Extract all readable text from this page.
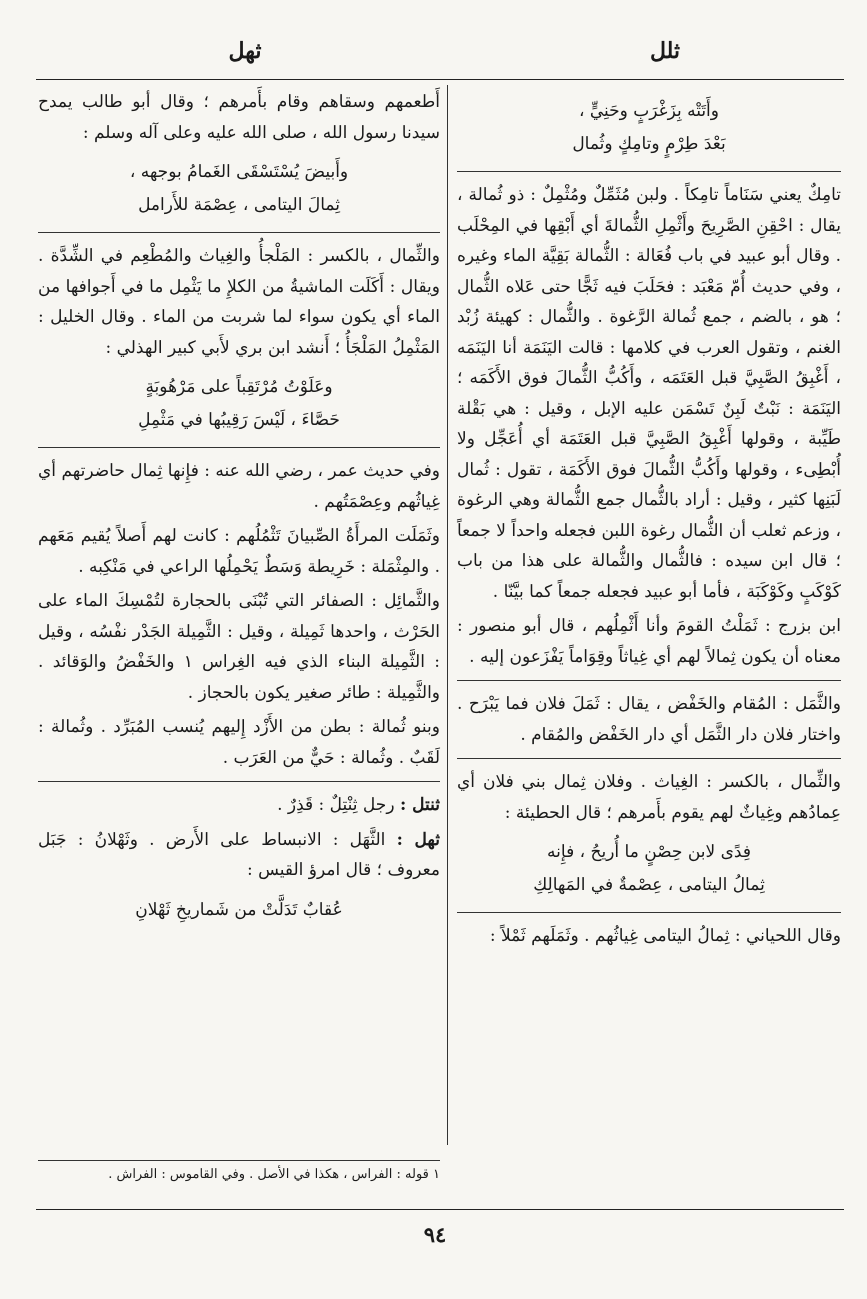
ثلل
ثهل
وأَتَتْه بِزَغْرَبٍ وحَنِيٍّ ،
بَعْدَ طِرْمٍ وتامِكٍ وثُمال

تامِكٌ يعني سَنَاماً تامِكاً . ولبن مُثَمِّلٌ ومُثْمِلٌ : ذو ثُمالة ، يقال : احْقِنِ الصَّرِيحَ وأَثْمِلِ الثُّمالةَ أي أَبْقِها في المِحْلَب . وقال أبو عبيد في باب فُعَالة : الثُّمالة بَقِيَّة الماء وغيره ، وفي حديث أُمّ مَعْبَد : فحَلَبَ فيه ثَجًّا حتى عَلاه الثُّمال ؛ هو ، بالضم ، جمع ثُمالة الرَّغوة . والثُّمال : كهيئة زُبْد الغنم ، وتقول العرب في كلامها : قالت اليَنَمَة أنا اليَنَمَه ، أَغْبِقُ الصَّبِيَّ قبل العَتَمَه ، وأَكُبُّ الثُّمالَ فوق الأَكَمَه ؛ اليَنَمَة : نَبْتٌ لَبِنٌ تَسْمَن عليه الإبل ، وقيل : هي بَقْلة طَيِّبة ، وقولها أَغْبِقُ الصَّبِيَّ قبل العَتَمَة أي أُعَجِّل ولا أُبْطِىء ، وقولها وأَكُبُّ الثُّمالَ فوق الأَكَمَة ، تقول : ثُمال لَبَنِها كثير ، وقيل : أراد بالثُّمال جمع الثُّمالة وهي الرغوة ، وزعم ثعلب أن الثُّمال رغوة اللبن فجعله واحداً لا جمعاً ؛ قال ابن سيده : فالثُّمال والثُّمالة على هذا من باب كَوْكَبٍ وكَوْكَبَة ، فأما أبو عبيد فجعله جمعاً كما بيَّنّا .

ابن بزرج : ثَمَلْتُ القومَ وأنا أَثْمِلُهم ، قال أبو منصور : معناه أن يكون ثِمالاً لهم أي غِياثاً وقِوَاماً يَفْزَعون إليه .

والثَّمَل : المُقام والخَفْض ، يقال : ثَمَلَ فلان فما يَبْرَح . واختار فلان دار الثَّمَل أي دار الخَفْض والمُقام .

والثِّمال ، بالكسر : الغِياث . وفلان ثِمال بني فلان أي عِمادُهم وغِياثٌ لهم يقوم بأَمرهم ؛ قال الحطيئة :

فِدًى لابن حِصْنٍ ما أُريحُ ، فإِنه
ثِمالُ اليتامى ، عِصْمةٌ في المَهالِكِ

وقال اللحياني : ثِمالُ اليتامى غِياثُهم . وثَمَلَهم ثَمْلاً :

أَطعمهم وسقاهم وقام بأَمرهم ؛ وقال أبو طالب يمدح سيدنا رسول الله ، صلى الله عليه وعلى آله وسلم :

وأَبيضَ يُسْتَسْقَى الغَمامُ بوجهه ،
ثِمالَ اليتامى ، عِصْمَة للأَرامل

والثِّمال ، بالكسر : المَلْجأُ والغِياث والمُطْعِم في الشِّدَّة . ويقال : أَكَلَت الماشيةُ من الكلإِ ما يَثْمِل ما في أَجوافها من الماء أي يكون سواء لما شربت من الماء . وقال الخليل : المَثْمِلُ المَلْجَأُ ؛ أَنشد ابن بري لأَبي كبير الهذلي :

وعَلَوْتُ مُرْتَقِباً على مَرْهُوبَةٍ
حَصَّاءَ ، لَيْسَ رَقِيبُها في مَثْمِلِ

وفي حديث عمر ، رضي الله عنه : فإِنها ثِمال حاضرتهم أي غِياثُهم وعِصْمَتُهم .

وثَمَلَت المرأَةُ الصِّبيانَ تَثْمُلُهم : كانت لهم أَصلاً يُقيم مَعَهم . والمِثْمَلة : خَرِيطة وَسَطٌ يَحْمِلُها الراعي في مَنْكِبه .

والثَّمائِل : الصفائر التي تُبْنَى بالحجارة لتُمْسِكَ الماء على الحَرْث ، واحدها ثَمِيلة ، وقيل : الثَّمِيلة الجَدْر نفْسُه ، وقيل : الثَّمِيلة البناء الذي فيه الغِراس ١ والخَفْضُ والوَقائد . والثَّمِيلة : طائر صغير يكون بالحجاز .

وبنو ثُمالة : بطن من الأَزْد إِليهم يُنسب المُبَرِّد . وثُمالة : لَقَبٌ . وثُمالة : حَيٌّ من العَرَب .

ثنتل : رجل ثِنْتِلٌ : قَذِرٌ .

ثهل : الثَّهَل : الانبساط على الأَرض . وثَهْلانُ : جَبَل معروف ؛ قال امرؤ القيس :

عُقابٌ تَدَلَّتْ من شَماريخِ ثَهْلانِ
١ قوله : الفراس ، هكذا في الأصل . وفي القاموس : الفراش .
٩٤
